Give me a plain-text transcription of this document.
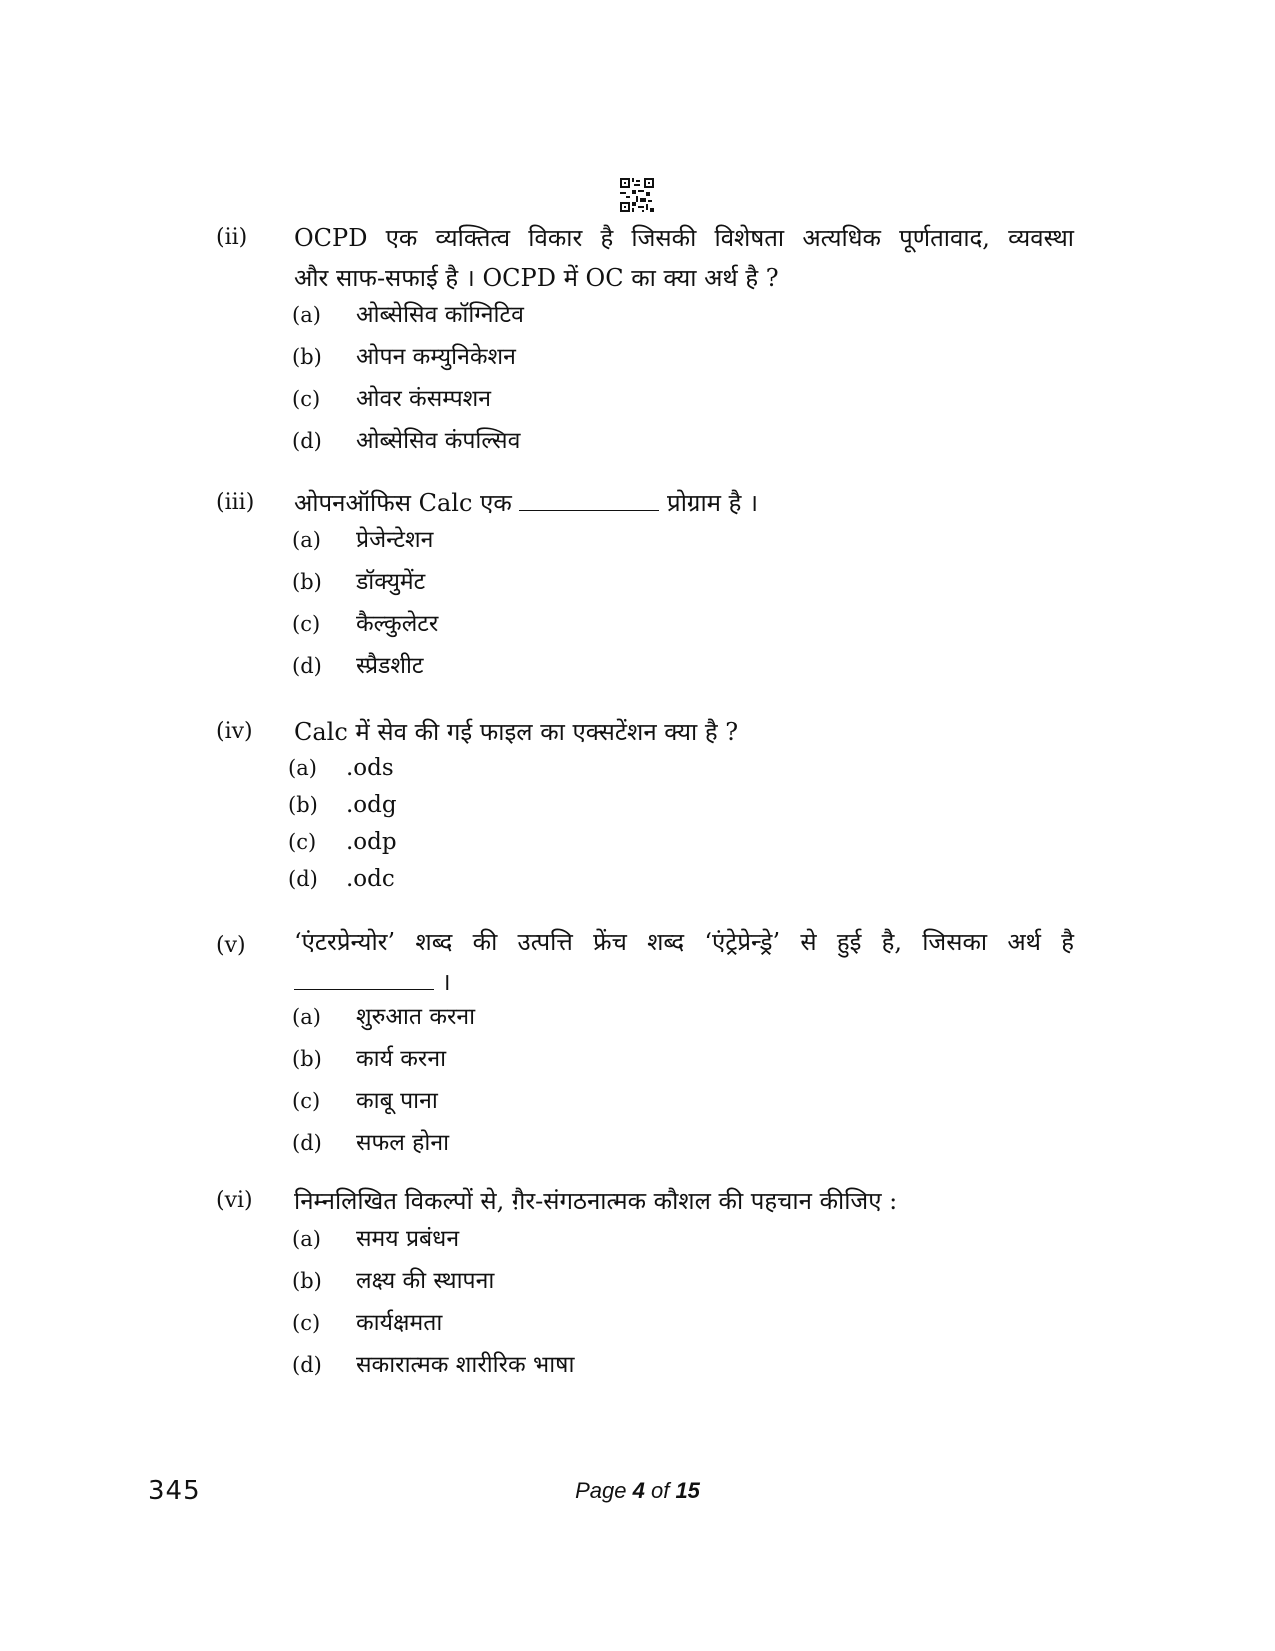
(ii) OCPD एक व्यक्तित्व विकार है जिसकी विशेषता अत्यधिक पूर्णतावाद, व्यवस्था
और साफ-सफाई है । OCPD में OC का क्या अर्थ है ?
(a) ओब्सेसिव कॉग्निटिव
(b) ओपन कम्युनिकेशन
(c) ओवर कंसम्पशन
(d) ओब्सेसिव कंपल्सिव
(iii) ओपनऑफिस Calc एक	प्रोग्राम है ।
(a) प्रेजेन्टेशन
(b) डॉक्युमेंट
(c) कैल्कुलेटर
(d) स्प्रैडशीट
(iv) Calc में सेव की गई फाइल का एक्सटेंशन क्या है ?
(a) .ods
(b) .odg
(c) .odp
(d) .odc
(v) ‘एंटरप्रेन्योर’ शब्द की उत्पत्ति फ्रेंच शब्द ‘एंट्रेप्रेन्ड्रे’ से हुई है, जिसका अर्थ है
।
(a) शुरुआत करना
(b) कार्य करना
(c) काबू पाना
(d) सफल होना
(vi) निम्नलिखित विकल्पों से, ग़ैर-संगठनात्मक कौशल की पहचान कीजिए :
(a) समय प्रबंधन
(b) लक्ष्य की स्थापना
(c) कार्यक्षमता
(d) सकारात्मक शारीरिक भाषा
345	Page 4 of 15
